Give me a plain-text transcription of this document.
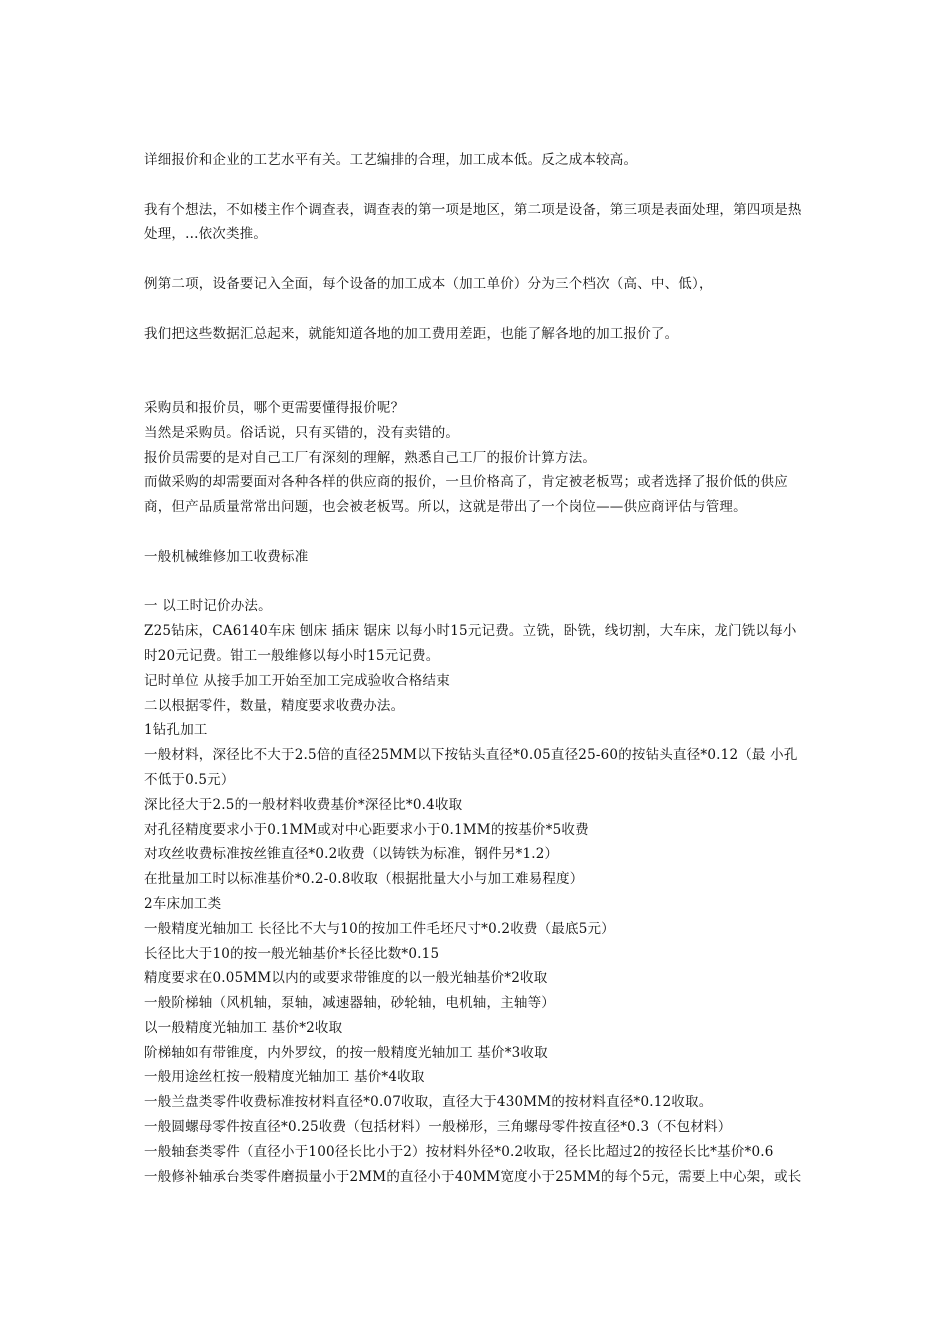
详细报价和企业的工艺水平有关。工艺编排的合理，加工成本低。反之成本较高。

我有个想法，不如楼主作个调查表，调查表的第一项是地区，第二项是设备，第三项是表面处理，第四项是热处理，...依次类推。

例第二项，设备要记入全面，每个设备的加工成本（加工单价）分为三个档次（高、中、低），

我们把这些数据汇总起来，就能知道各地的加工费用差距，也能了解各地的加工报价了。

采购员和报价员，哪个更需要懂得报价呢？

当然是采购员。俗话说，只有买错的，没有卖错的。

报价员需要的是对自己工厂有深刻的理解，熟悉自己工厂的报价计算方法。

而做采购的却需要面对各种各样的供应商的报价，一旦价格高了，肯定被老板骂；或者选择了报价低的供应商，但产品质量常常出问题，也会被老板骂。所以，这就是带出了一个岗位——供应商评估与管理。

一般机械维修加工收费标准

一 以工时记价办法。

Z25钻床，CA6140车床 刨床 插床 锯床 以每小时15元记费。立铣，卧铣，线切割，大车床，龙门铣以每小时20元记费。钳工一般维修以每小时15元记费。

记时单位 从接手加工开始至加工完成验收合格结束

二以根据零件，数量，精度要求收费办法。

1钻孔加工

一般材料，深径比不大于2.5倍的直径25MM以下按钻头直径*0.05直径25-60的按钻头直径*0.12（最 小孔不低于0.5元）

深比径大于2.5的一般材料收费基价*深径比*0.4收取

对孔径精度要求小于0.1MM或对中心距要求小于0.1MM的按基价*5收费

对攻丝收费标准按丝锥直径*0.2收费（以铸铁为标准，钢件另*1.2）

在批量加工时以标准基价*0.2-0.8收取（根据批量大小与加工难易程度）

2车床加工类

一般精度光轴加工 长径比不大与10的按加工件毛坯尺寸*0.2收费（最底5元）

长径比大于10的按一般光轴基价*长径比数*0.15

精度要求在0.05MM以内的或要求带锥度的以一般光轴基价*2收取

一般阶梯轴（风机轴，泵轴，减速器轴，砂轮轴，电机轴，主轴等）

以一般精度光轴加工 基价*2收取

阶梯轴如有带锥度，内外罗纹，的按一般精度光轴加工 基价*3收取

一般用途丝杠按一般精度光轴加工 基价*4收取

一般兰盘类零件收费标准按材料直径*0.07收取，直径大于430MM的按材料直径*0.12收取。

一般圆螺母零件按直径*0.25收费（包括材料）一般梯形，三角螺母零件按直径*0.3（不包材料）

一般轴套类零件（直径小于100径长比小于2）按材料外径*0.2收取，径长比超过2的按径长比*基价*0.6

一般修补轴承台类零件磨损量小于2MM的直径小于40MM宽度小于25MM的每个5元，需要上中心架，或长
